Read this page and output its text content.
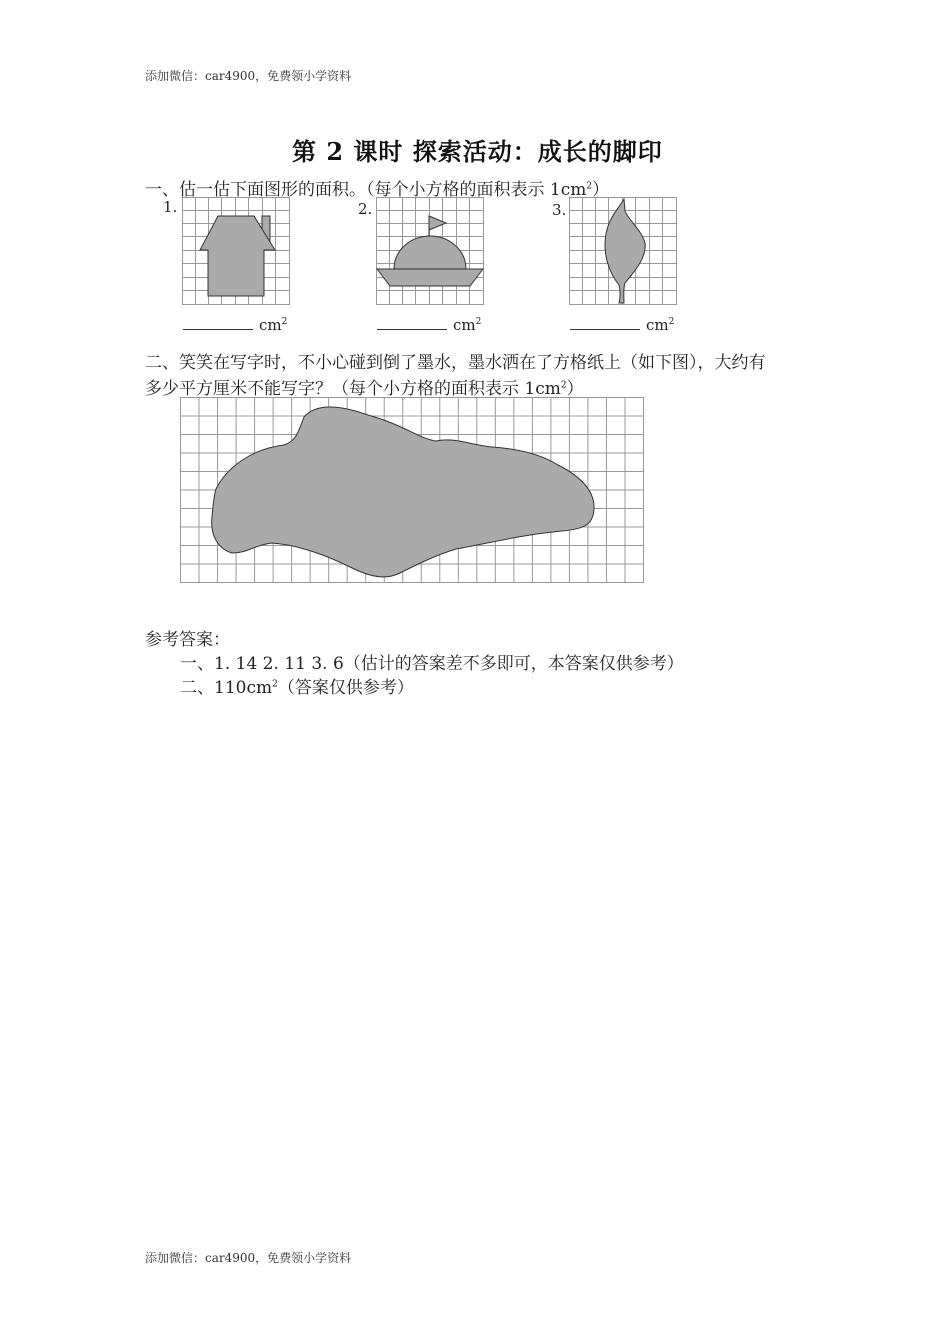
添加微信：car4900，免费领小学资料
第 2 课时 探索活动：成长的脚印
一、估一估下面图形的面积。（每个小方格的面积表示 $1cm^2$）
1.	2.	3.
$cm^2$	$cm^2$	$cm^2$
二、笑笑在写字时，不小心碰到倒了墨水，墨水洒在了方格纸上（如下图），大约有
多少平方厘米不能写字？（每个小方格的面积表示 $1cm^2$）
参考答案：
一、1. 14 2. 11 3. 6（估计的答案差不多即可，本答案仅供参考）
二、$110cm^2$（答案仅供参考）
添加微信：car4900，免费领小学资料
